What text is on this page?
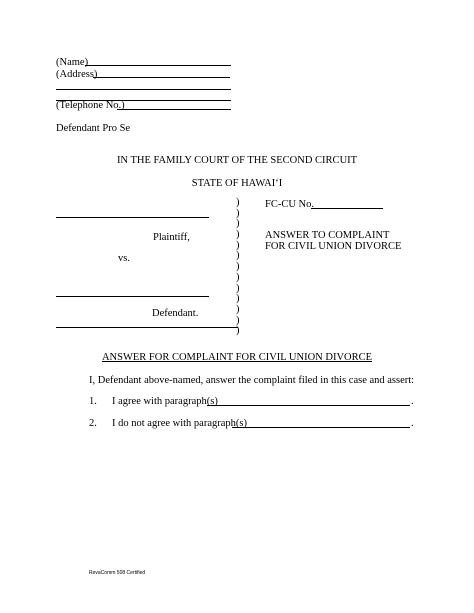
(Name)
(Address)
(Telephone No.)
Defendant Pro Se
IN THE FAMILY COURT OF THE SECOND CIRCUIT
STATE OF HAWAI‘I
Plaintiff,
vs.
Defendant.
)
)
)
)
)
)
)
)
)
)
)
)
)
FC-CU No.
ANSWER TO COMPLAINT
FOR CIVIL UNION DIVORCE
ANSWER FOR COMPLAINT FOR CIVIL UNION DIVORCE
I, Defendant above-named, answer the complaint filed in this case and assert:
1. I agree with paragraph(s)	.
2. I do not agree with paragraph(s)	.
RevaComm 508 Certified
